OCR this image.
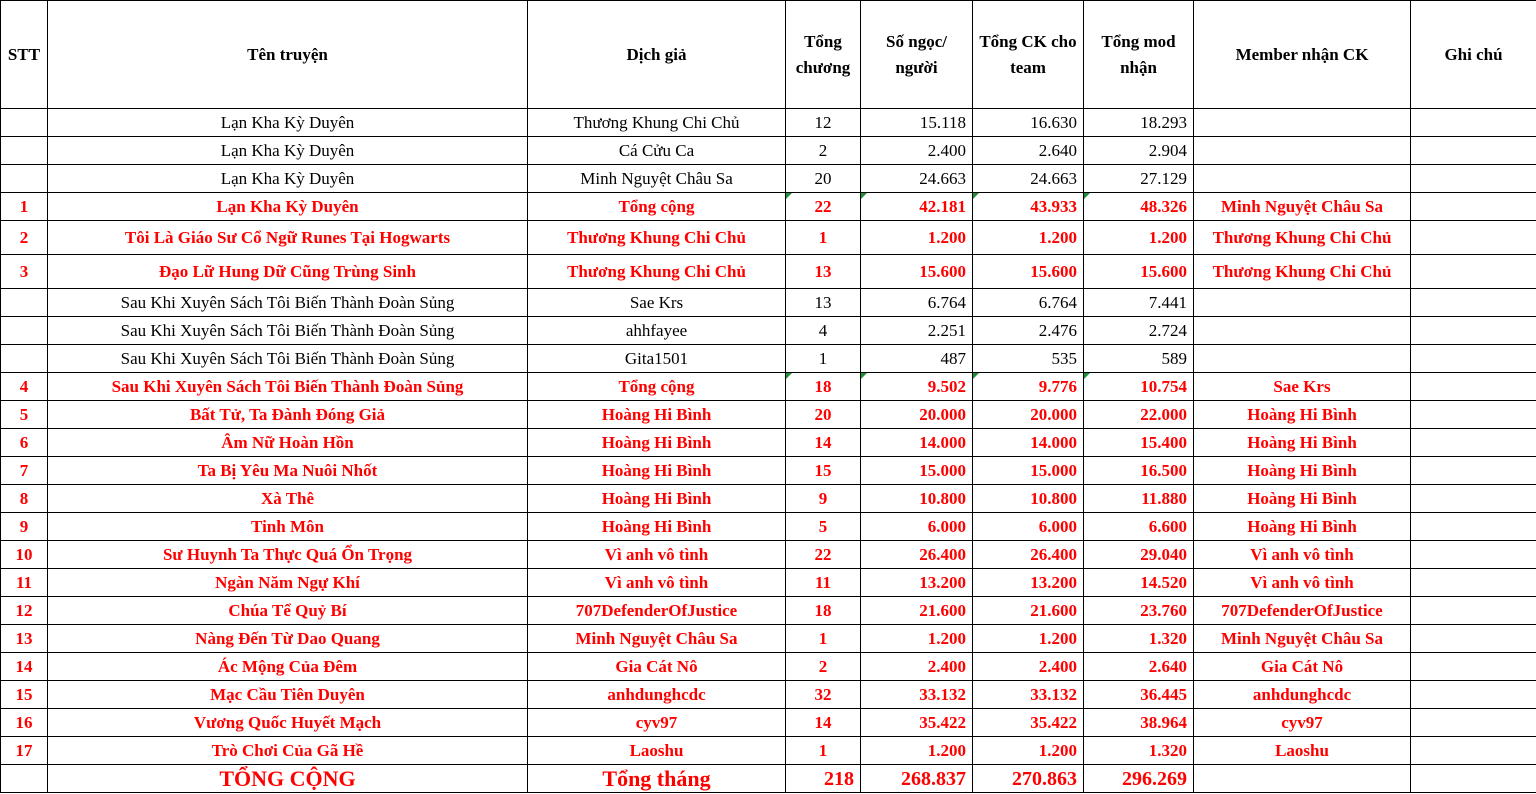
STT	Tên truyện	Dịch giả	Tổng chương	Số ngọc/ người	Tổng CK cho team	Tổng mod nhận	Member nhận CK	Ghi chú
	Lạn Kha Kỳ Duyên	Thương Khung Chi Chủ	12	15.118	16.630	18.293		
	Lạn Kha Kỳ Duyên	Cá Cửu Ca	2	2.400	2.640	2.904		
	Lạn Kha Kỳ Duyên	Minh Nguyệt Châu Sa	20	24.663	24.663	27.129		
1	Lạn Kha Kỳ Duyên	Tổng cộng	22	42.181	43.933	48.326	Minh Nguyệt Châu Sa	
2	Tôi Là Giáo Sư Cổ Ngữ Runes Tại Hogwarts	Thương Khung Chi Chủ	1	1.200	1.200	1.200	Thương Khung Chi Chủ	
3	Đạo Lữ Hung Dữ Cũng Trùng Sinh	Thương Khung Chi Chủ	13	15.600	15.600	15.600	Thương Khung Chi Chủ	
	Sau Khi Xuyên Sách Tôi Biến Thành Đoàn Sủng	Sae Krs	13	6.764	6.764	7.441		
	Sau Khi Xuyên Sách Tôi Biến Thành Đoàn Sủng	ahhfayee	4	2.251	2.476	2.724		
	Sau Khi Xuyên Sách Tôi Biến Thành Đoàn Sủng	Gita1501	1	487	535	589		
4	Sau Khi Xuyên Sách Tôi Biến Thành Đoàn Sủng	Tổng cộng	18	9.502	9.776	10.754	Sae Krs	
5	Bất Tử, Ta Đành Đóng Giả	Hoàng Hi Bình	20	20.000	20.000	22.000	Hoàng Hi Bình	
6	Âm Nữ Hoàn Hồn	Hoàng Hi Bình	14	14.000	14.000	15.400	Hoàng Hi Bình	
7	Ta Bị Yêu Ma Nuôi Nhốt	Hoàng Hi Bình	15	15.000	15.000	16.500	Hoàng Hi Bình	
8	Xà Thê	Hoàng Hi Bình	9	10.800	10.800	11.880	Hoàng Hi Bình	
9	Tinh Môn	Hoàng Hi Bình	5	6.000	6.000	6.600	Hoàng Hi Bình	
10	Sư Huynh Ta Thực Quá Ổn Trọng	Vì anh vô tình	22	26.400	26.400	29.040	Vì anh vô tình	
11	Ngàn Năm Ngự Khí	Vì anh vô tình	11	13.200	13.200	14.520	Vì anh vô tình	
12	Chúa Tể Quỷ Bí	707DefenderOfJustice	18	21.600	21.600	23.760	707DefenderOfJustice	
13	Nàng Đến Từ Dao Quang	Minh Nguyệt Châu Sa	1	1.200	1.200	1.320	Minh Nguyệt Châu Sa	
14	Ác Mộng Của Đêm	Gia Cát Nô	2	2.400	2.400	2.640	Gia Cát Nô	
15	Mạc Cầu Tiên Duyên	anhdunghcdc	32	33.132	33.132	36.445	anhdunghcdc	
16	Vương Quốc Huyết Mạch	cyv97	14	35.422	35.422	38.964	cyv97	
17	Trò Chơi Của Gã Hề	Laoshu	1	1.200	1.200	1.320	Laoshu	
	TỔNG CỘNG	Tổng tháng	218	268.837	270.863	296.269		
